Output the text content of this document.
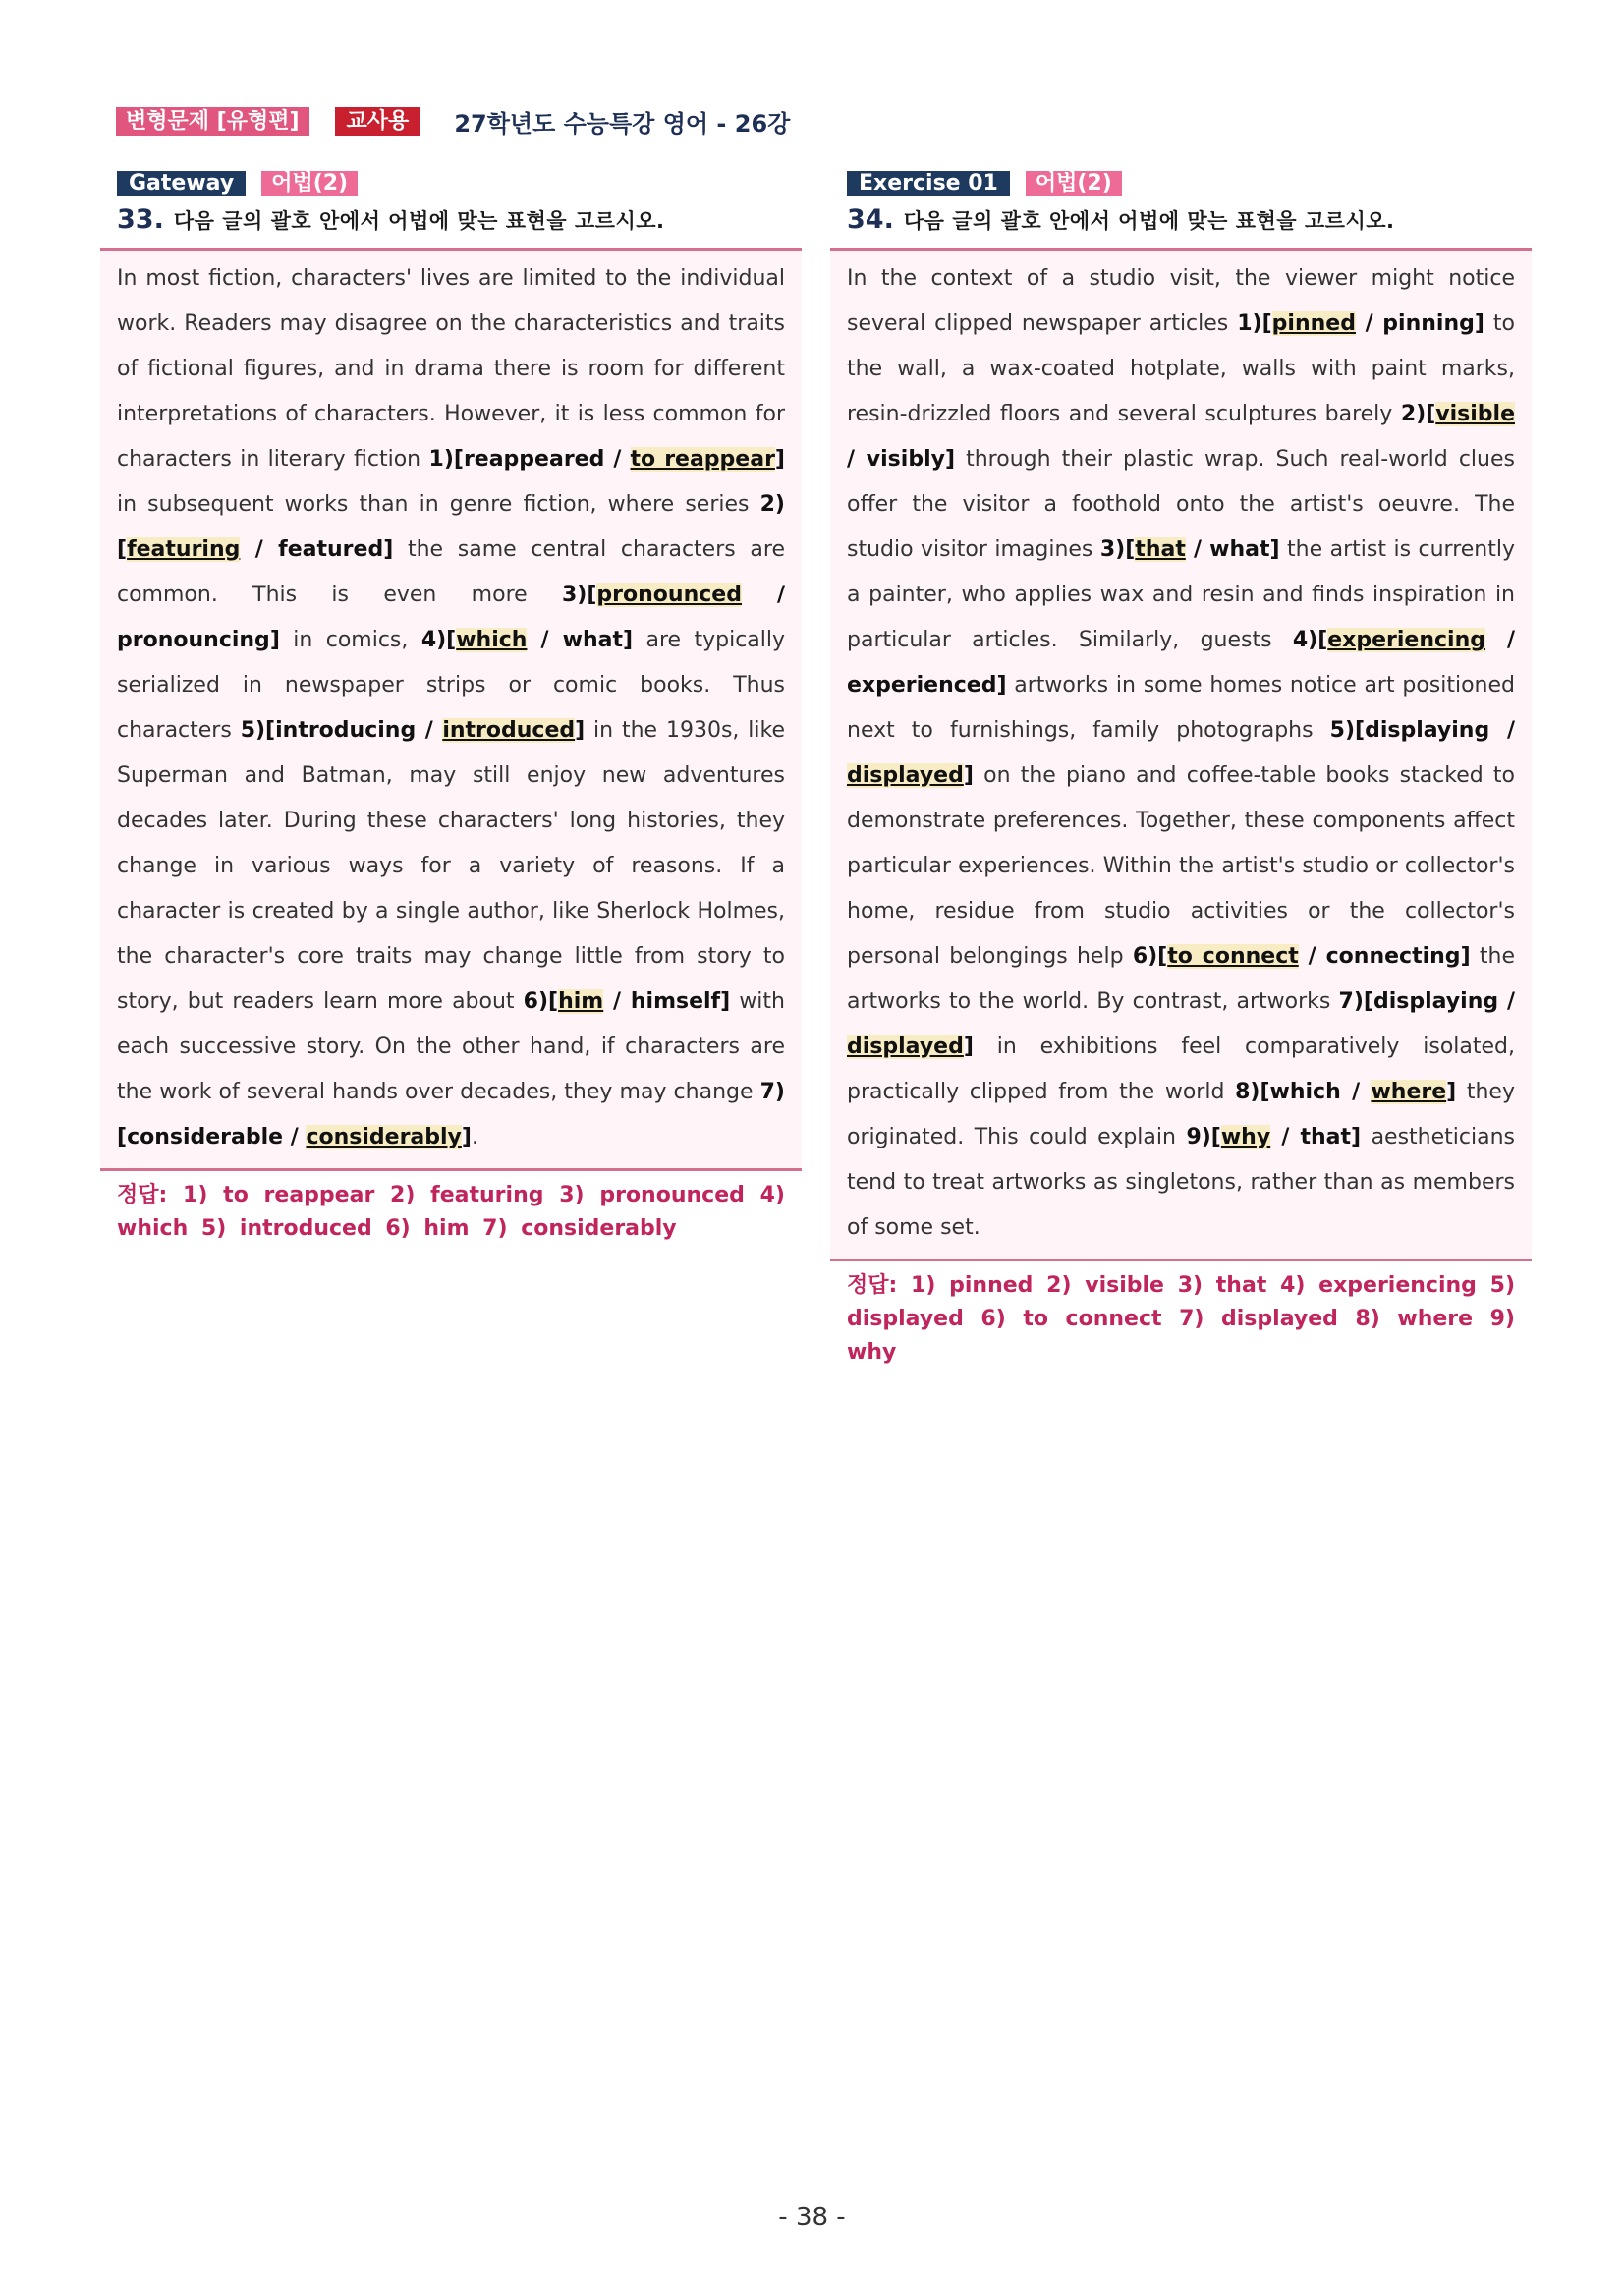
변형문제 [유형편]	교사용	27학년도 수능특강 영어 - 26강
Gateway	어법(2)
33. 다음 글의 괄호 안에서 어법에 맞는 표현을 고르시오.
In most fiction, characters' lives are limited to the individual work. Readers may disagree on the characteristics and traits of fictional figures, and in drama there is room for different interpretations of characters. However, it is less common for characters in literary fiction 1)[reappeared / to reappear] in subsequent works than in genre fiction, where series 2)[featuring / featured] the same central characters are common. This is even more 3)[pronounced / pronouncing] in comics, 4)[which / what] are typically serialized in newspaper strips or comic books. Thus characters 5)[introducing / introduced] in the 1930s, like Superman and Batman, may still enjoy new adventures decades later. During these characters' long histories, they change in various ways for a variety of reasons. If a character is created by a single author, like Sherlock Holmes, the character's core traits may change little from story to story, but readers learn more about 6)[him / himself] with each successive story. On the other hand, if characters are the work of several hands over decades, they may change 7)[considerable / considerably].
정답: 1) to reappear 2) featuring 3) pronounced 4) which 5) introduced 6) him 7) considerably
Exercise 01	어법(2)
34. 다음 글의 괄호 안에서 어법에 맞는 표현을 고르시오.
In the context of a studio visit, the viewer might notice several clipped newspaper articles 1)[pinned / pinning] to the wall, a wax-coated hotplate, walls with paint marks, resin-drizzled floors and several sculptures barely 2)[visible / visibly] through their plastic wrap. Such real-world clues offer the visitor a foothold onto the artist's oeuvre. The studio visitor imagines 3)[that / what] the artist is currently a painter, who applies wax and resin and finds inspiration in particular articles. Similarly, guests 4)[experiencing / experienced] artworks in some homes notice art positioned next to furnishings, family photographs 5)[displaying / displayed] on the piano and coffee-table books stacked to demonstrate preferences. Together, these components affect particular experiences. Within the artist's studio or collector's home, residue from studio activities or the collector's personal belongings help 6)[to connect / connecting] the artworks to the world. By contrast, artworks 7)[displaying / displayed] in exhibitions feel comparatively isolated, practically clipped from the world 8)[which / where] they originated. This could explain 9)[why / that] aestheticians tend to treat artworks as singletons, rather than as members of some set.
정답: 1) pinned 2) visible 3) that 4) experiencing 5) displayed 6) to connect 7) displayed 8) where 9) why
- 38 -
